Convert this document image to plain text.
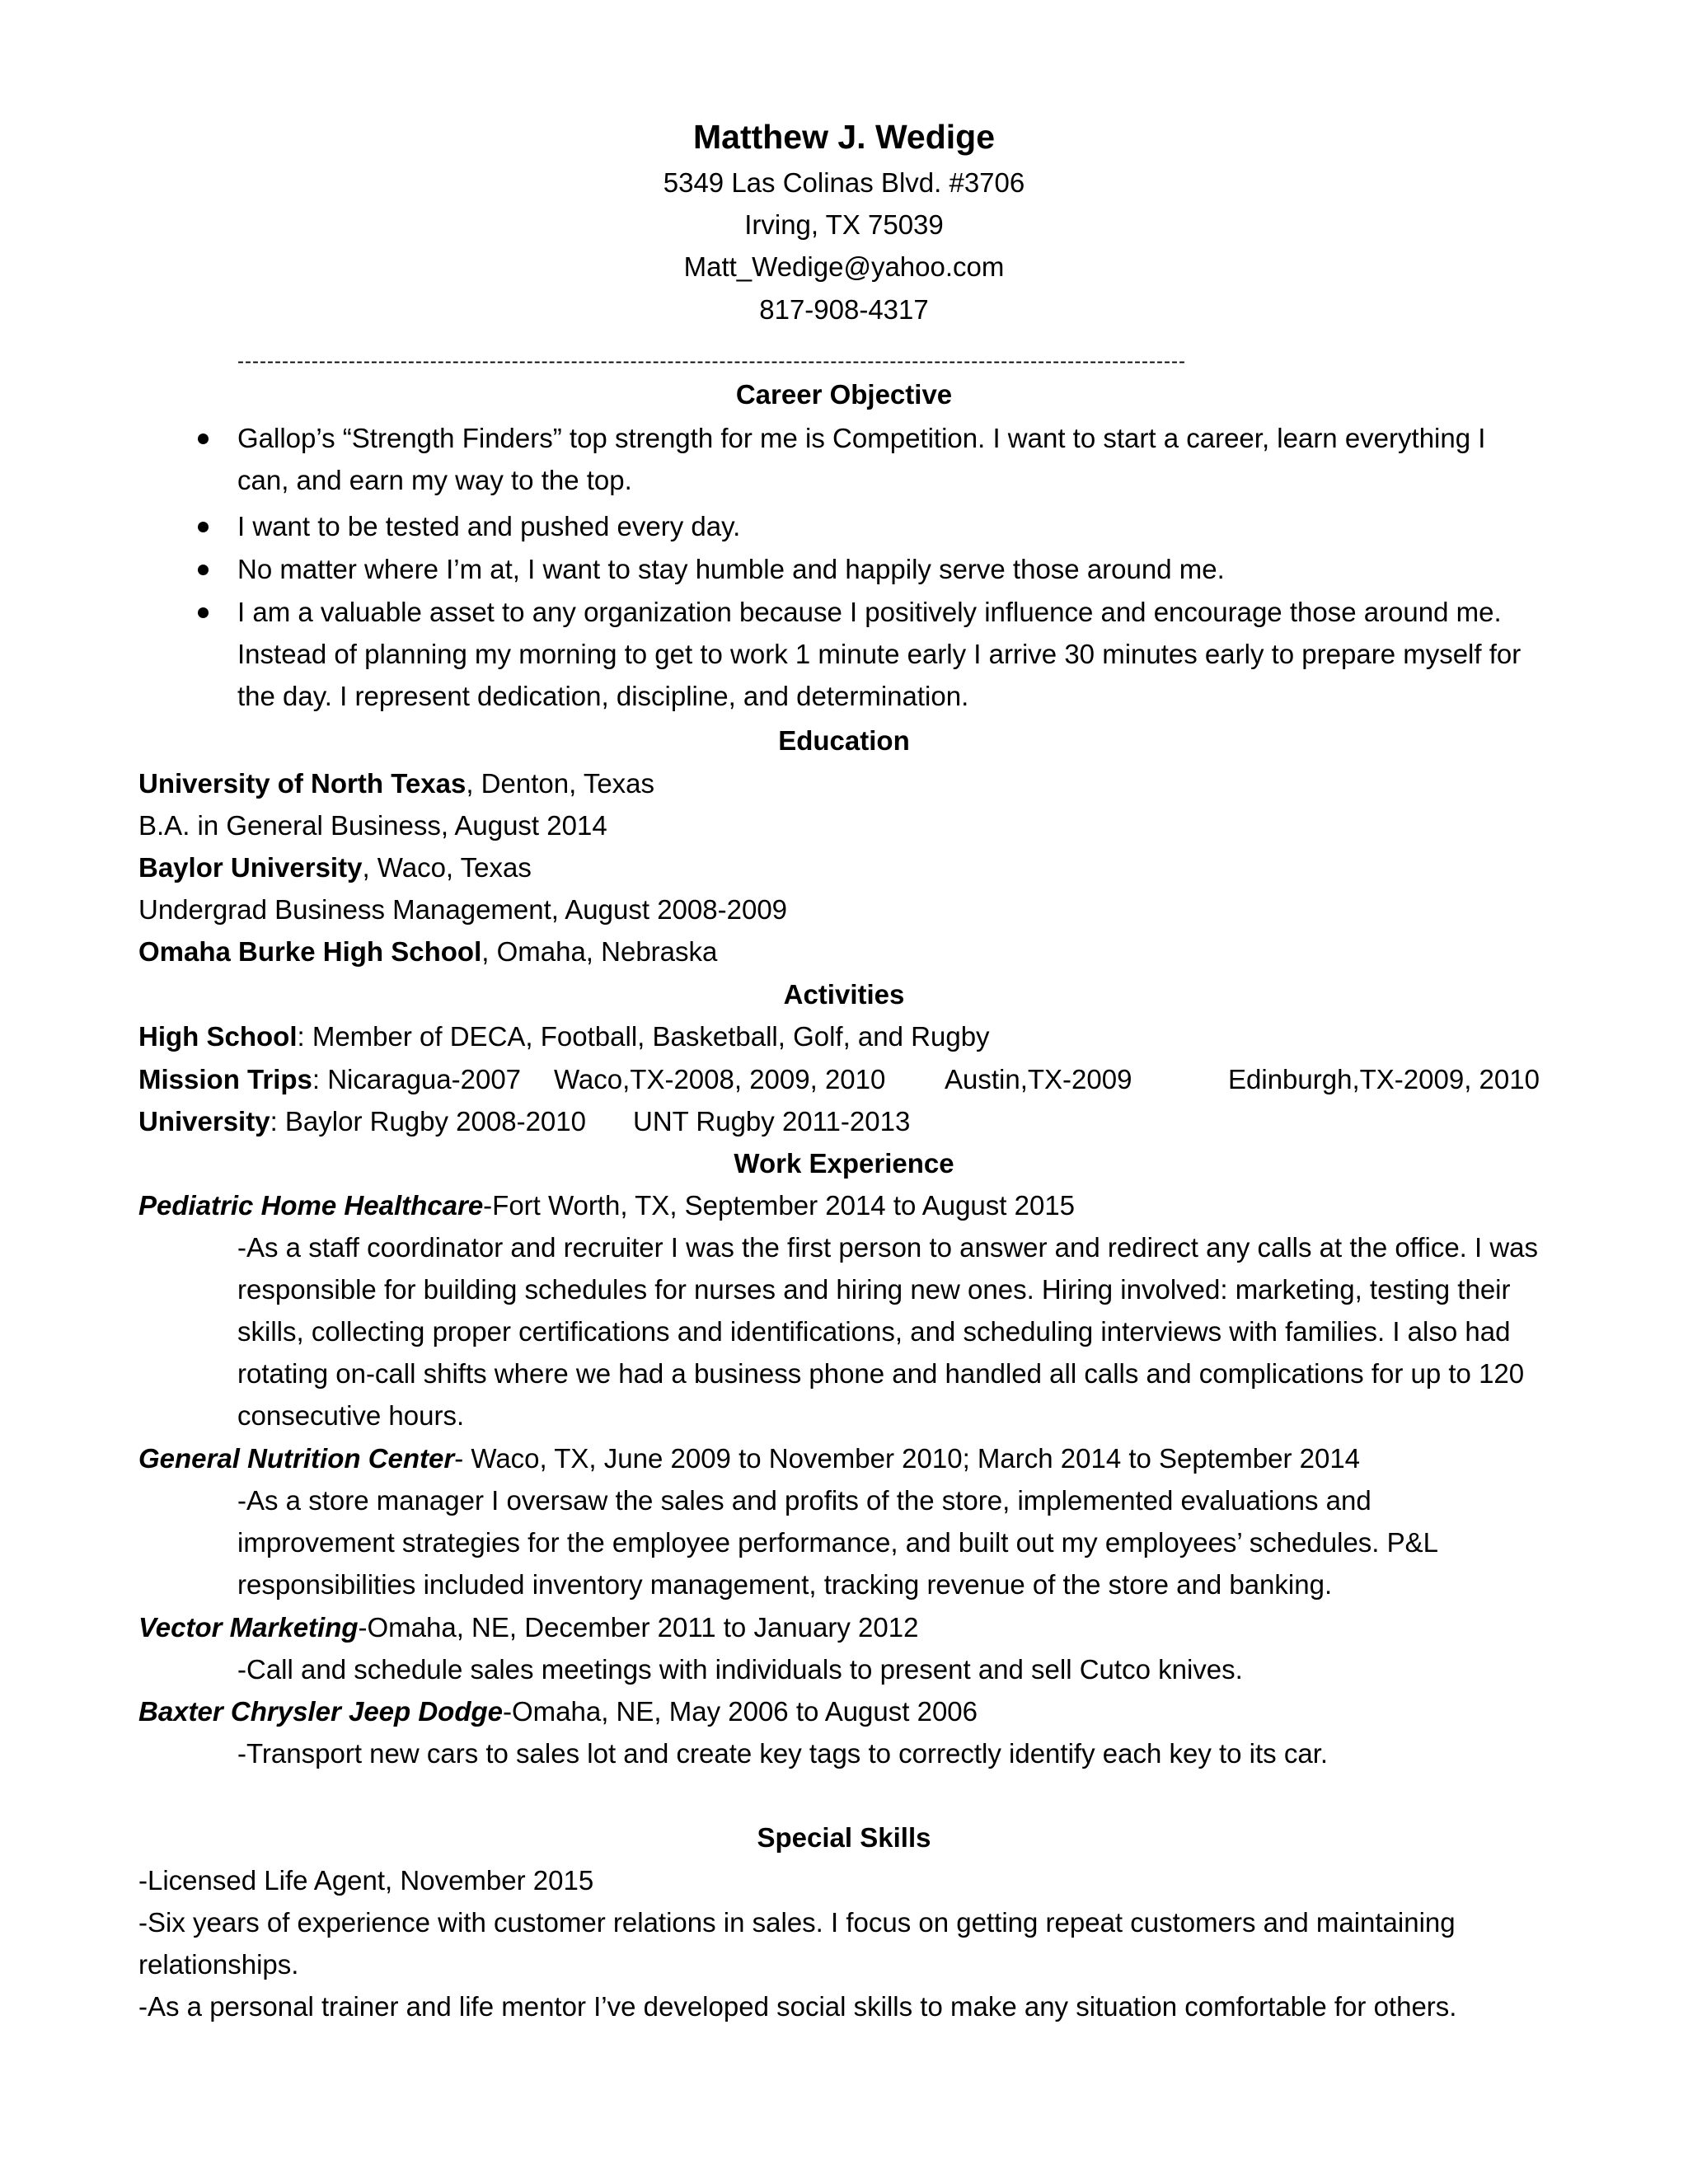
Matthew J. Wedige
5349 Las Colinas Blvd. #3706
Irving, TX 75039
Matt_Wedige@yahoo.com
817-908-4317
--------------------------------------------------------------------------------------------------------------------------------
Career Objective
Gallop’s “Strength Finders” top strength for me is Competition. I want to start a career, learn everything I can, and earn my way to the top.
I want to be tested and pushed every day.
No matter where I’m at, I want to stay humble and happily serve those around me.
I am a valuable asset to any organization because I positively influence and encourage those around me. Instead of planning my morning to get to work 1 minute early I arrive 30 minutes early to prepare myself for the day. I represent dedication, discipline, and determination.
Education
University of North Texas, Denton, Texas
B.A. in General Business, August 2014
Baylor University, Waco, Texas
Undergrad Business Management, August 2008-2009
Omaha Burke High School, Omaha, Nebraska
Activities
High School: Member of DECA, Football, Basketball, Golf, and Rugby
Mission Trips: Nicaragua-2007 Waco,TX-2008, 2009, 2010 Austin,TX-2009	Edinburgh,TX-2009, 2010
University: Baylor Rugby 2008-2010 UNT Rugby 2011-2013
Work Experience
Pediatric Home Healthcare-Fort Worth, TX, September 2014 to August 2015
-As a staff coordinator and recruiter I was the first person to answer and redirect any calls at the office. I was responsible for building schedules for nurses and hiring new ones. Hiring involved: marketing, testing their skills, collecting proper certifications and identifications, and scheduling interviews with families. I also had rotating on-call shifts where we had a business phone and handled all calls and complications for up to 120 consecutive hours.
General Nutrition Center- Waco, TX, June 2009 to November 2010; March 2014 to September 2014
-As a store manager I oversaw the sales and profits of the store, implemented evaluations and improvement strategies for the employee performance, and built out my employees’ schedules. P&L responsibilities included inventory management, tracking revenue of the store and banking.
Vector Marketing-Omaha, NE, December 2011 to January 2012
-Call and schedule sales meetings with individuals to present and sell Cutco knives.
Baxter Chrysler Jeep Dodge-Omaha, NE, May 2006 to August 2006
-Transport new cars to sales lot and create key tags to correctly identify each key to its car.
Special Skills
-Licensed Life Agent, November 2015
-Six years of experience with customer relations in sales. I focus on getting repeat customers and maintaining relationships.
-As a personal trainer and life mentor I’ve developed social skills to make any situation comfortable for others.
